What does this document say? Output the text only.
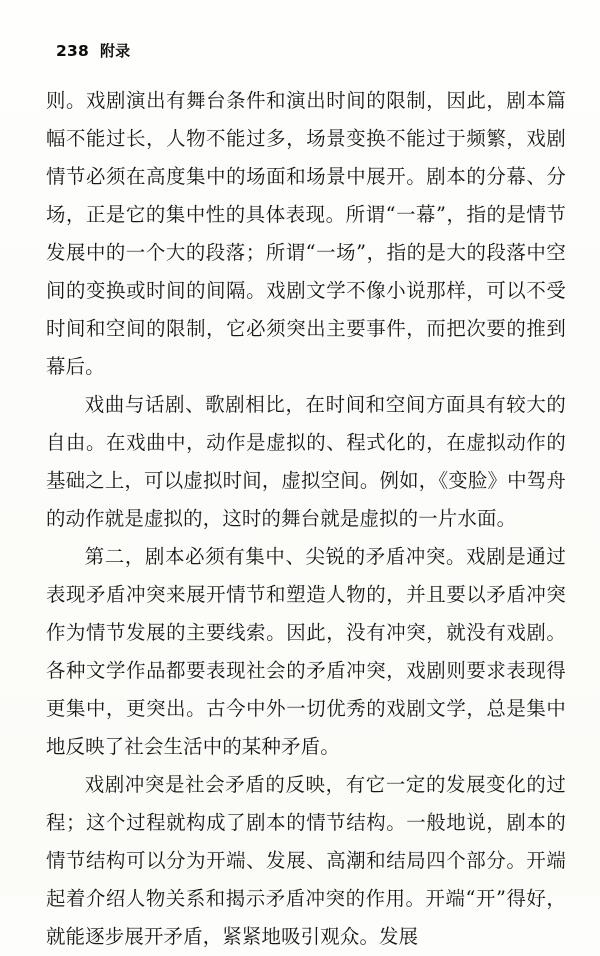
238 附录

则。戏剧演出有舞台条件和演出时间的限制，因此，剧本篇幅不能过长，人物不能过多，场景变换不能过于频繁，戏剧情节必须在高度集中的场面和场景中展开。剧本的分幕、分场，正是它的集中性的具体表现。所谓“一幕”，指的是情节发展中的一个大的段落；所谓“一场”，指的是大的段落中空间的变换或时间的间隔。戏剧文学不像小说那样，可以不受时间和空间的限制，它必须突出主要事件，而把次要的推到幕后。

戏曲与话剧、歌剧相比，在时间和空间方面具有较大的自由。在戏曲中，动作是虚拟的、程式化的，在虚拟动作的基础之上，可以虚拟时间，虚拟空间。例如，《变脸》中驾舟的动作就是虚拟的，这时的舞台就是虚拟的一片水面。

第二，剧本必须有集中、尖锐的矛盾冲突。戏剧是通过表现矛盾冲突来展开情节和塑造人物的，并且要以矛盾冲突作为情节发展的主要线索。因此，没有冲突，就没有戏剧。各种文学作品都要表现社会的矛盾冲突，戏剧则要求表现得更集中，更突出。古今中外一切优秀的戏剧文学，总是集中地反映了社会生活中的某种矛盾。

戏剧冲突是社会矛盾的反映，有它一定的发展变化的过程；这个过程就构成了剧本的情节结构。一般地说，剧本的情节结构可以分为开端、发展、高潮和结局四个部分。开端起着介绍人物关系和揭示矛盾冲突的作用。开端“开”得好，就能逐步展开矛盾，紧紧地吸引观众。发展
